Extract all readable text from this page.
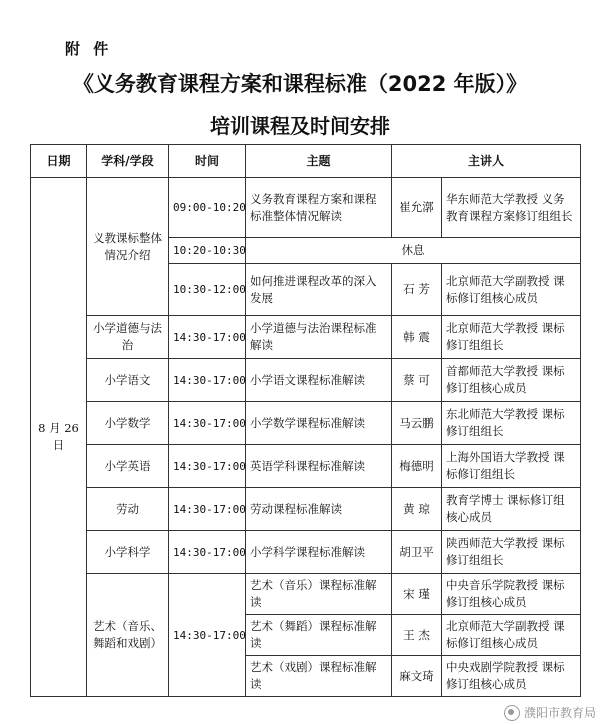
附 件
《义务教育课程方案和课程标准（2022 年版）》
培训课程及时间安排
日期	学科/学段	时间	主题	主讲人	
8 月 26 日	义教课标整体情况介绍	09:00-10:20	义务教育课程方案和课程标准整体情况解读	崔允漷	华东师范大学教授 义务教育课程方案修订组组长
		10:20-10:30	休息		
		10:30-12:00	如何推进课程改革的深入发展	石 芳	北京师范大学副教授 课标修订组核心成员
	小学道德与法治	14:30-17:00	小学道德与法治课程标准解读	韩 震	北京师范大学教授 课标修订组组长
	小学语文	14:30-17:00	小学语文课程标准解读	蔡 可	首都师范大学教授 课标修订组核心成员
	小学数学	14:30-17:00	小学数学课程标准解读	马云鹏	东北师范大学教授 课标修订组组长
	小学英语	14:30-17:00	英语学科课程标准解读	梅德明	上海外国语大学教授 课标修订组组长
	劳动	14:30-17:00	劳动课程标准解读	黄 琼	教育学博士 课标修订组核心成员
	小学科学	14:30-17:00	小学科学课程标准解读	胡卫平	陕西师范大学教授 课标修订组组长
	艺术（音乐、舞蹈和戏剧）	14:30-17:00	艺术（音乐）课程标准解读	宋 瑾	中央音乐学院教授 课标修订组核心成员
			艺术（舞蹈）课程标准解读	王 杰	北京师范大学副教授 课标修订组核心成员
			艺术（戏剧）课程标准解读	麻文琦	中央戏剧学院教授 课标修订组核心成员
濮阳市教育局
